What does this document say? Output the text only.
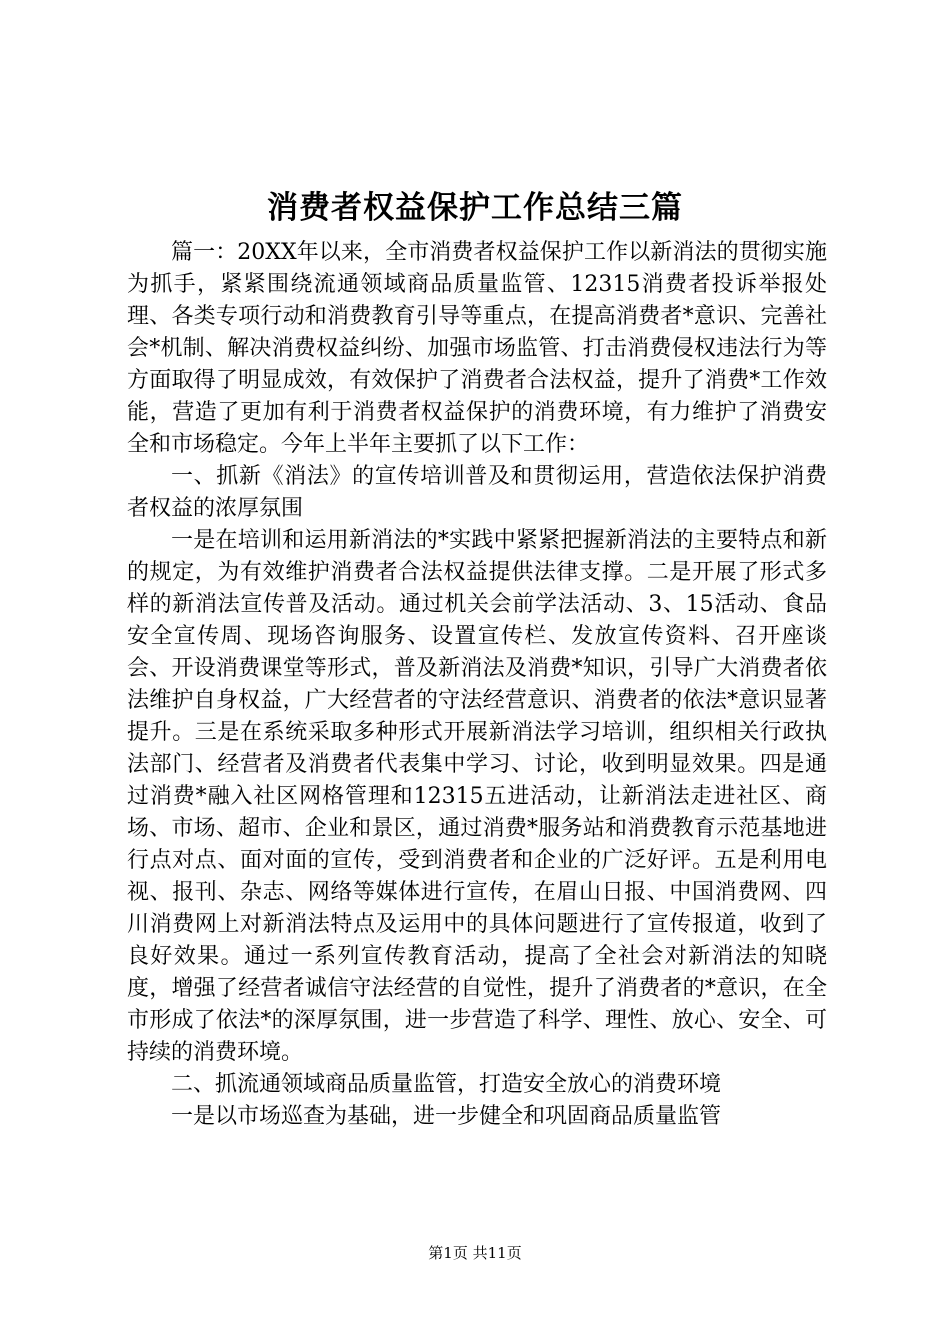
消费者权益保护工作总结三篇

篇一：20XX年以来，全市消费者权益保护工作以新消法的贯彻实施为抓手，紧紧围绕流通领域商品质量监管、12315消费者投诉举报处理、各类专项行动和消费教育引导等重点，在提高消费者*意识、完善社会*机制、解决消费权益纠纷、加强市场监管、打击消费侵权违法行为等方面取得了明显成效，有效保护了消费者合法权益，提升了消费*工作效能，营造了更加有利于消费者权益保护的消费环境，有力维护了消费安全和市场稳定。今年上半年主要抓了以下工作：

一、抓新《消法》的宣传培训普及和贯彻运用，营造依法保护消费者权益的浓厚氛围

一是在培训和运用新消法的*实践中紧紧把握新消法的主要特点和新的规定，为有效维护消费者合法权益提供法律支撑。二是开展了形式多样的新消法宣传普及活动。通过机关会前学法活动、3、15活动、食品安全宣传周、现场咨询服务、设置宣传栏、发放宣传资料、召开座谈会、开设消费课堂等形式，普及新消法及消费*知识，引导广大消费者依法维护自身权益，广大经营者的守法经营意识、消费者的依法*意识显著提升。三是在系统采取多种形式开展新消法学习培训，组织相关行政执法部门、经营者及消费者代表集中学习、讨论，收到明显效果。四是通过消费*融入社区网格管理和12315五进活动，让新消法走进社区、商场、市场、超市、企业和景区，通过消费*服务站和消费教育示范基地进行点对点、面对面的宣传，受到消费者和企业的广泛好评。五是利用电视、报刊、杂志、网络等媒体进行宣传，在眉山日报、中国消费网、四川消费网上对新消法特点及运用中的具体问题进行了宣传报道，收到了良好效果。通过一系列宣传教育活动，提高了全社会对新消法的知晓度，增强了经营者诚信守法经营的自觉性，提升了消费者的*意识，在全市形成了依法*的深厚氛围，进一步营造了科学、理性、放心、安全、可持续的消费环境。

二、抓流通领域商品质量监管，打造安全放心的消费环境

一是以市场巡查为基础，进一步健全和巩固商品质量监管

第1页 共11页
